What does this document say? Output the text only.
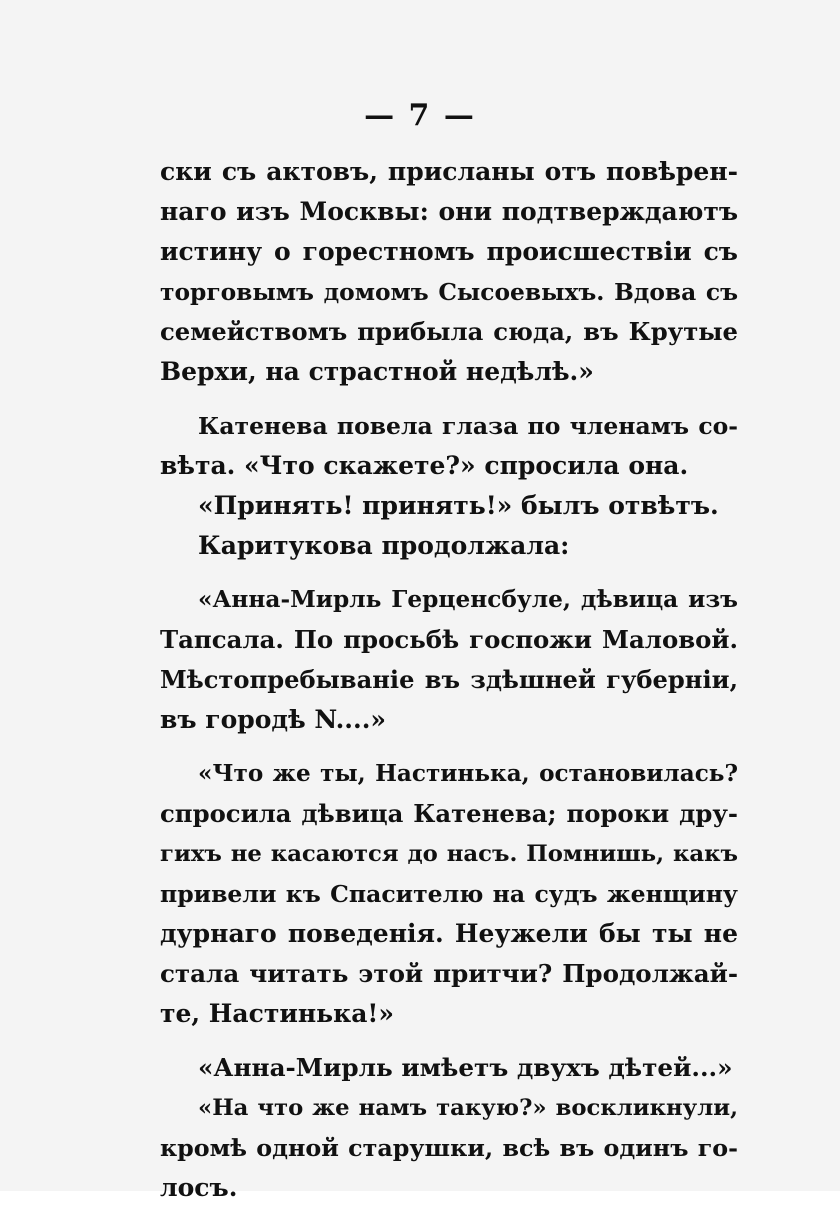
— 7 —
ски съ актовъ, присланы отъ повѣрен-
наго изъ Москвы: они подтверждаютъ
истину о горестномъ происшествіи съ
торговымъ домомъ Сысоевыхъ. Вдова съ
семействомъ прибыла сюда, въ Крутые
Верхи, на страстной недѣлѣ.»
Катенева повела глаза по членамъ со-
вѣта. «Что скажете?» спросила она.
«Принять! принять!» былъ отвѣтъ.
Каритукова продолжала:
«Анна-Мирль Герценсбуле, дѣвица изъ
Тапсала. По просьбѣ госпожи Маловой.
Мѣстопребываніе въ здѣшней губерніи,
въ городѣ N....»
«Что же ты, Настинька, остановилась?
спросила дѣвица Катенева; пороки дру-
гихъ не касаются до насъ. Помнишь, какъ
привели къ Спасителю на судъ женщину
дурнаго поведенія. Неужели бы ты не
стала читать этой притчи? Продолжай-
те, Настинька!»
«Анна-Мирль имѣетъ двухъ дѣтей...»
«На что же намъ такую?» воскликнули,
кромѣ одной старушки, всѣ въ одинъ го-
лосъ.
